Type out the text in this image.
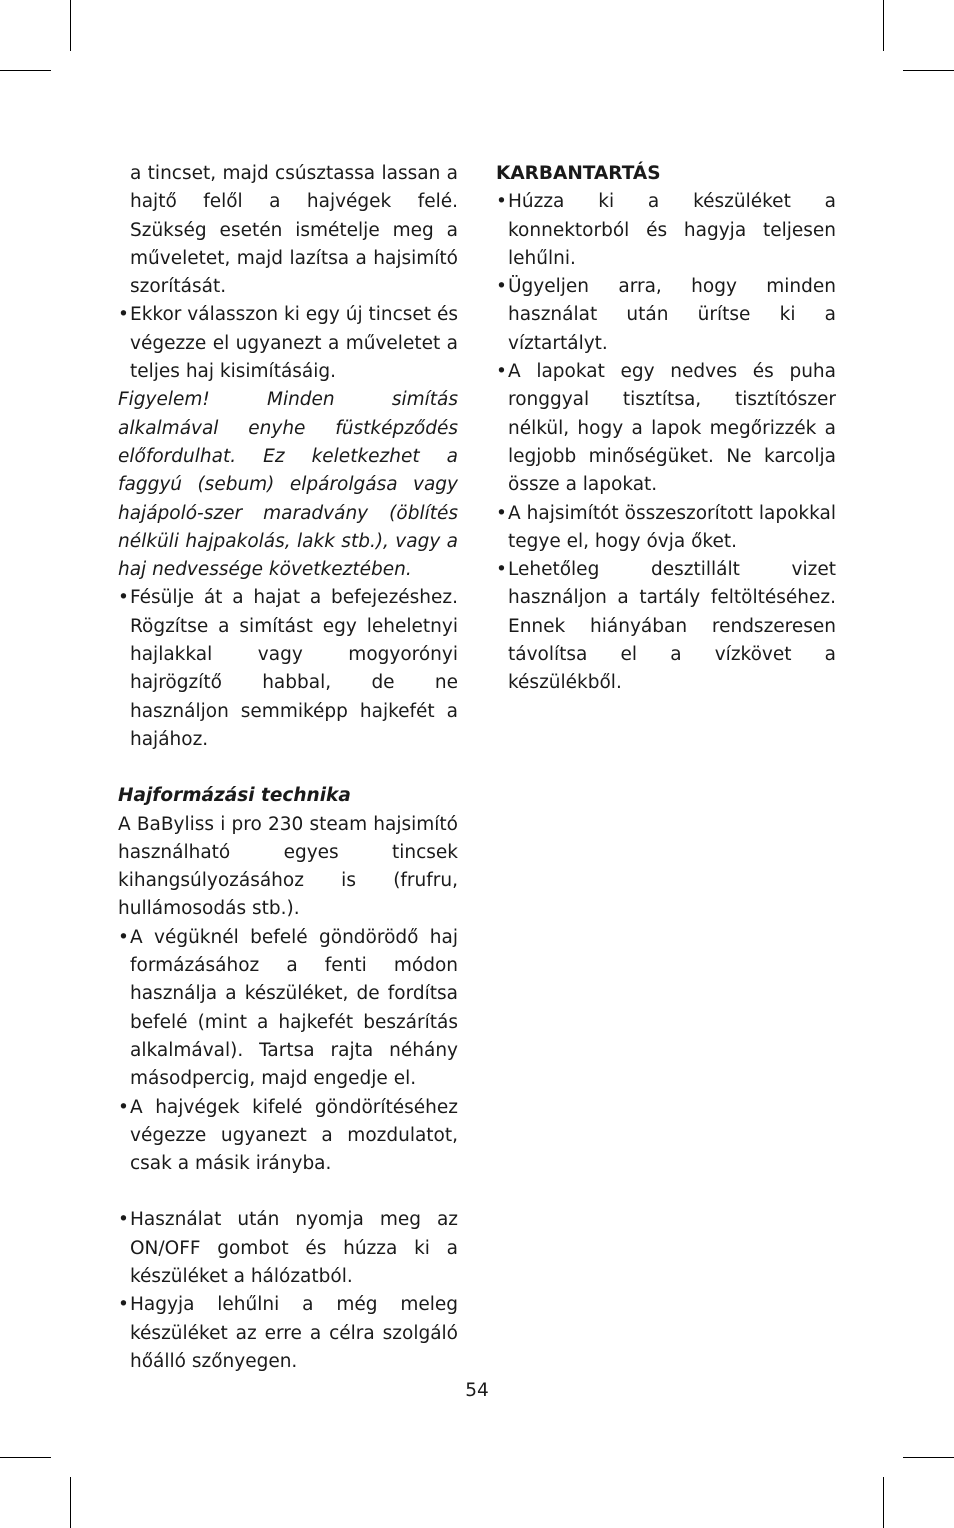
a tincset, majd csúsztassa lassan a hajtő felől a hajvégek felé. Szükség esetén ismételje meg a műveletet, majd lazítsa a hajsimító szorítását.

• Ekkor válasszon ki egy új tincset és végezze el ugyanezt a műveletet a teljes haj kisimításáig.

Figyelem! Minden simítás alkalmával enyhe füstképződés előfordulhat. Ez keletkezhet a faggyú (sebum) elpárolgása vagy hajápoló-szer maradvány (öblítés nélküli hajpakolás, lakk stb.), vagy a haj nedvessége következtében.

• Fésülje át a hajat a befejezéshez. Rögzítse a simítást egy leheletnyi hajlakkal vagy mogyorónyi hajrögzítő habbal, de ne használjon semmiképp hajkefét a hajához.

Hajformázási technika

A BaByliss i pro 230 steam hajsimító használható egyes tincsek kihangsúlyozásához is (frufru, hullámosodás stb.).

• A végüknél befelé göndörödő haj formázásához a fenti módon használja a készüléket, de fordítsa befelé (mint a hajkefét beszárítás alkalmával). Tartsa rajta néhány másodpercig, majd engedje el.

• A hajvégek kifelé göndörítéséhez végezze ugyanezt a mozdulatot, csak a másik irányba.

• Használat után nyomja meg az ON/OFF gombot és húzza ki a készüléket a hálózatból.

• Hagyja lehűlni a még meleg készüléket az erre a célra szolgáló hőálló szőnyegen.

KARBANTARTÁS

• Húzza ki a készüléket a konnektorból és hagyja teljesen lehűlni.

• Ügyeljen arra, hogy minden használat után ürítse ki a víztartályt.

• A lapokat egy nedves és puha ronggyal tisztítsa, tisztítószer nélkül, hogy a lapok megőrizzék a legjobb minőségüket. Ne karcolja össze a lapokat.

• A hajsimítót összeszorított lapokkal tegye el, hogy óvja őket.

• Lehetőleg desztillált vizet használjon a tartály feltöltéséhez. Ennek hiányában rendszeresen távolítsa el a vízkövet a készülékből.

54
